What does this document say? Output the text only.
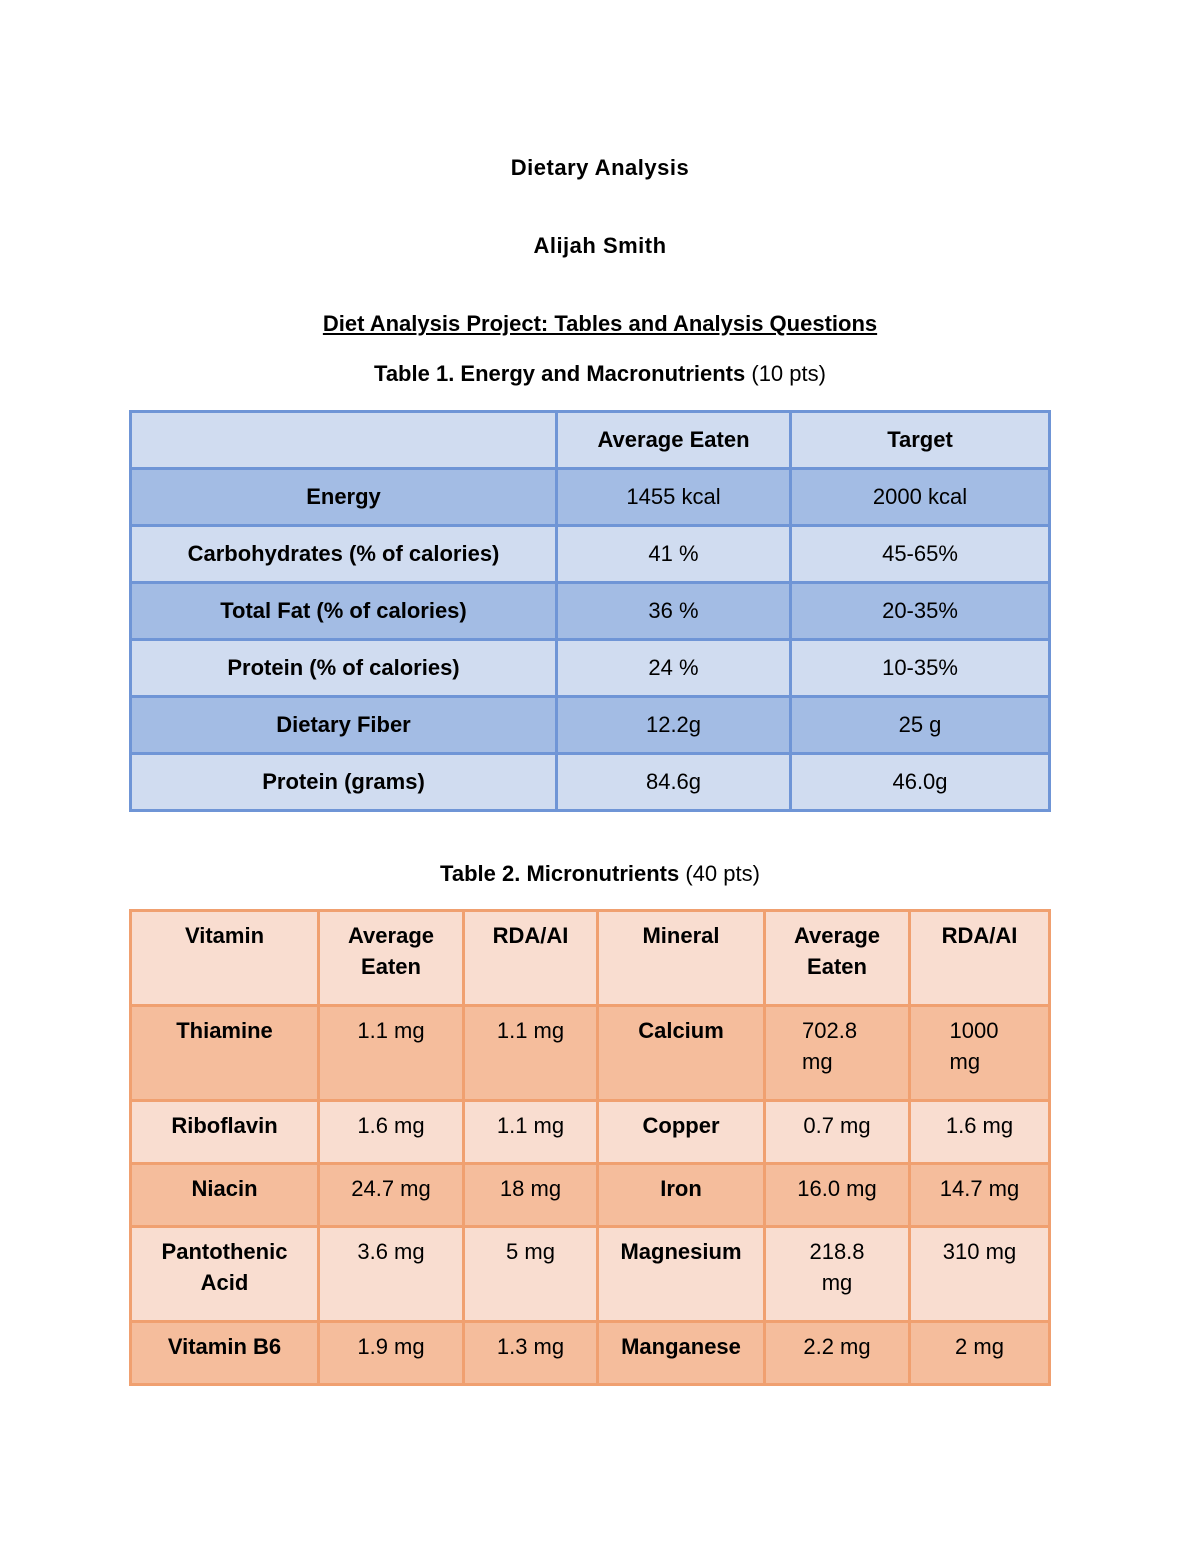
Dietary Analysis
Alijah Smith
Diet Analysis Project: Tables and Analysis Questions
Table 1. Energy and Macronutrients (10 pts)
	Average Eaten	Target
Energy	1455 kcal	2000 kcal
Carbohydrates (% of calories)	41 %	45-65%
Total Fat (% of calories)	36 %	20-35%
Protein (% of calories)	24 %	10-35%
Dietary Fiber	12.2g	25 g
Protein (grams)	84.6g	46.0g
Table 2. Micronutrients (40 pts)
Vitamin	Average Eaten	RDA/AI	Mineral	Average Eaten	RDA/AI
Thiamine	1.1 mg	1.1 mg	Calcium	702.8 mg	1000 mg
Riboflavin	1.6 mg	1.1 mg	Copper	0.7 mg	1.6 mg
Niacin	24.7 mg	18 mg	Iron	16.0 mg	14.7 mg
Pantothenic Acid	3.6 mg	5 mg	Magnesium	218.8 mg	310 mg
Vitamin B6	1.9 mg	1.3 mg	Manganese	2.2 mg	2 mg
